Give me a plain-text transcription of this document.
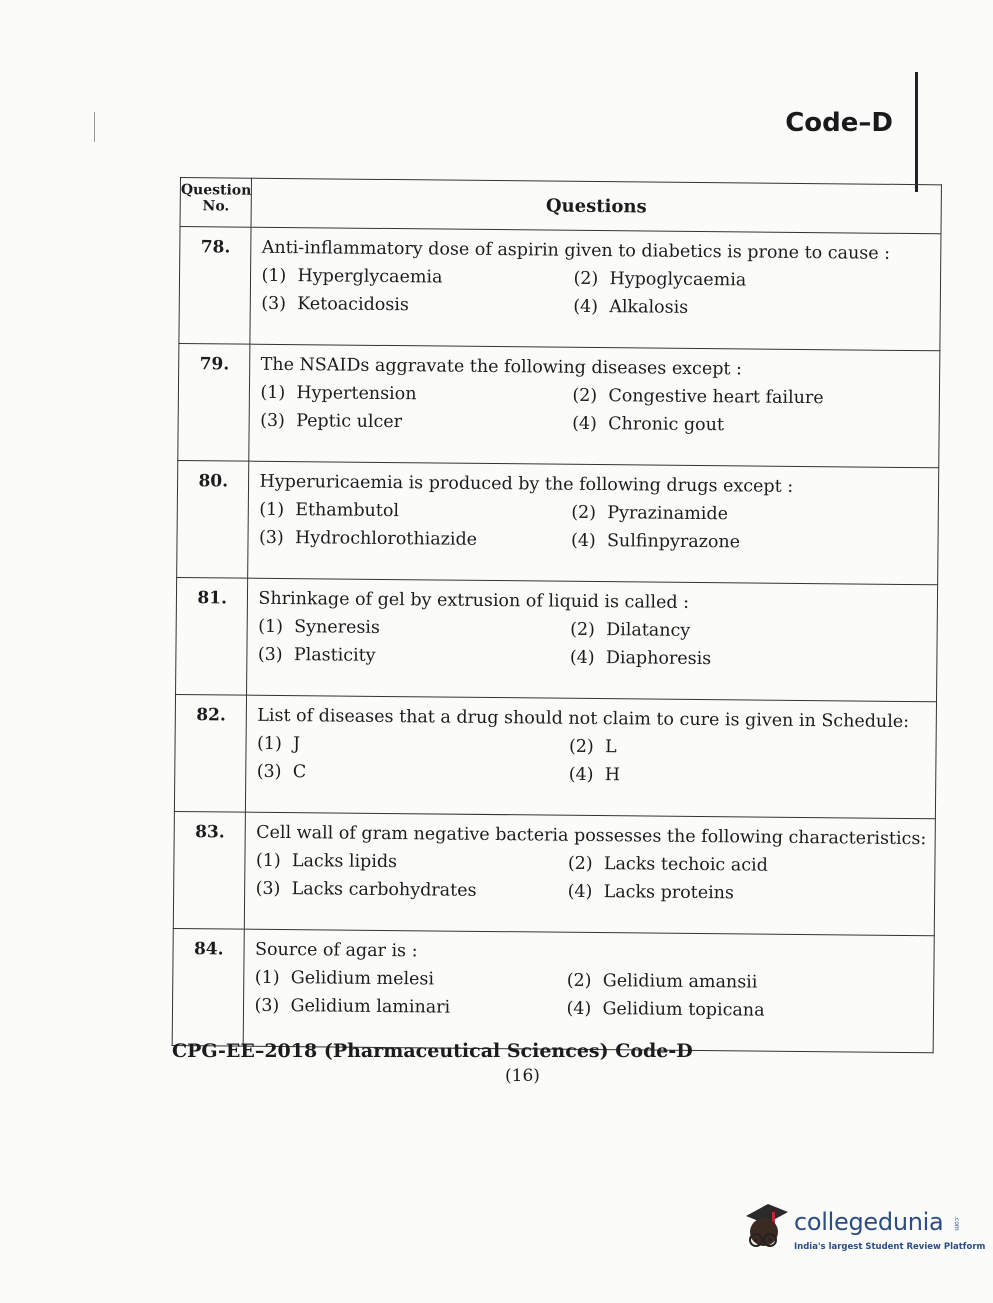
Code–D
Question No.	Questions
78.	Anti-inflammatory dose of aspirin given to diabetics is prone to cause :
(1) Hyperglycaemia (2) Hypoglycaemia
(3) Ketoacidosis (4) Alkalosis

79.	The NSAIDs aggravate the following diseases except :
(1) Hypertension (2) Congestive heart failure
(3) Peptic ulcer (4) Chronic gout

80.	Hyperuricaemia is produced by the following drugs except :
(1) Ethambutol (2) Pyrazinamide
(3) Hydrochlorothiazide (4) Sulfinpyrazone

81.	Shrinkage of gel by extrusion of liquid is called :
(1) Syneresis (2) Dilatancy
(3) Plasticity (4) Diaphoresis

82.	List of diseases that a drug should not claim to cure is given in Schedule:
(1) J (2) L
(3) C (4) H

83.	Cell wall of gram negative bacteria possesses the following characteristics:
(1) Lacks lipids (2) Lacks techoic acid
(3) Lacks carbohydrates (4) Lacks proteins

84.	Source of agar is :
(1) Gelidium melesi (2) Gelidium amansii
(3) Gelidium laminari (4) Gelidium topicana
CPG-EE–2018 (Pharmaceutical Sciences) Code-D
(16)
collegedunia .com
India's largest Student Review Platform
